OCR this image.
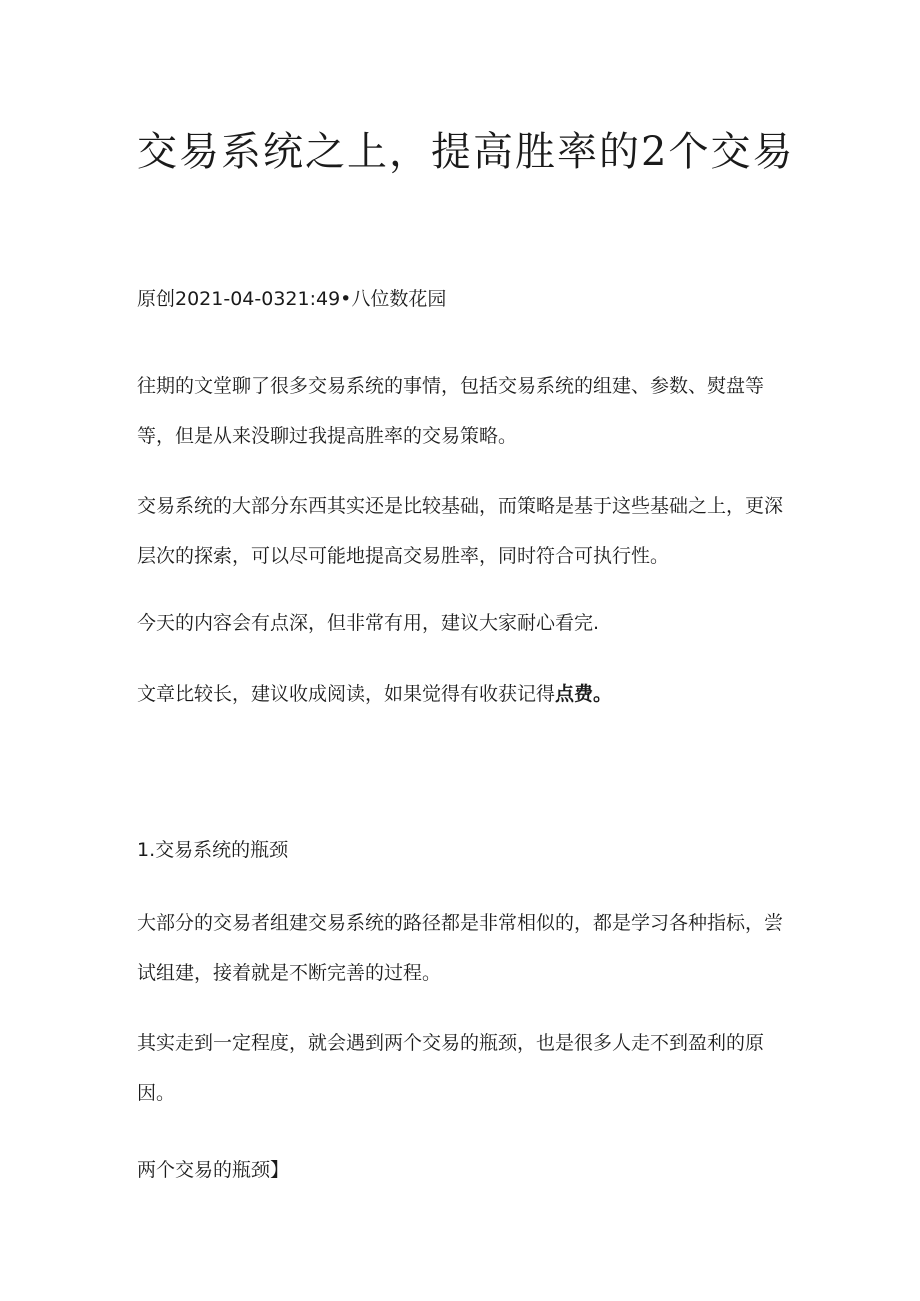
交易系统之上，提高胜率的2个交易

原创2021-04-0321:49•八位数花园

往期的文堂聊了很多交易系统的事情，包括交易系统的组建、参数、熨盘等等，但是从来没聊过我提高胜率的交易策略。

交易系统的大部分东西其实还是比较基础，而策略是基于这些基础之上，更深层次的探索，可以尽可能地提高交易胜率，同时符合可执行性。

今天的内容会有点深，但非常有用，建议大家耐心看完.

文章比较长，建议收成阅读，如果觉得有收获记得点费。

1.交易系统的瓶颈

大部分的交易者组建交易系统的路径都是非常相似的，都是学习各种指标，尝试组建，接着就是不断完善的过程。

其实走到一定程度，就会遇到两个交易的瓶颈，也是很多人走不到盈利的原因。

两个交易的瓶颈】
